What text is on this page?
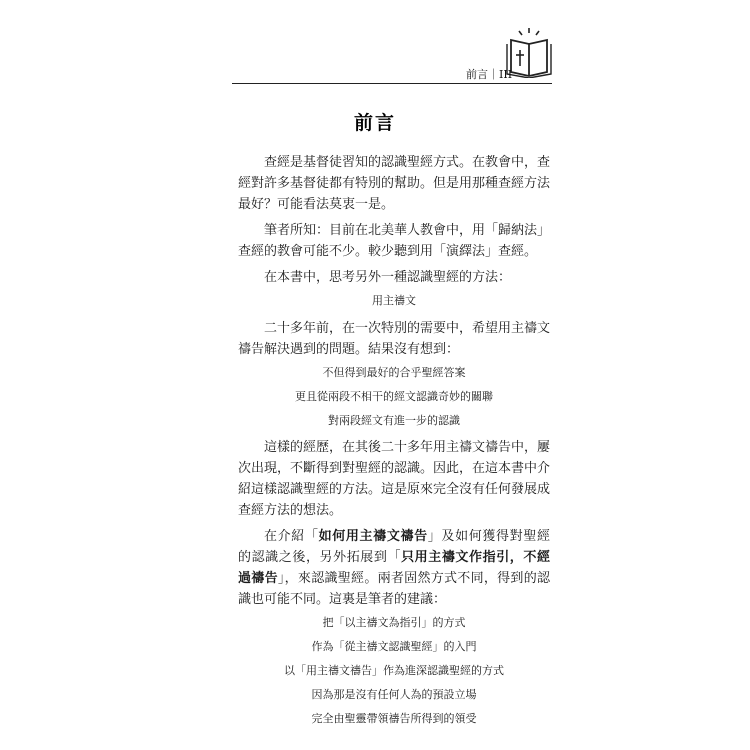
前言｜III
前言

查經是基督徒習知的認識聖經方式。在教會中，查經對許多基督徒都有特別的幫助。但是用那種查經方法最好？可能看法莫衷一是。

筆者所知：目前在北美華人教會中，用「歸納法」查經的教會可能不少。較少聽到用「演繹法」查經。

在本書中，思考另外一種認識聖經的方法：

用主禱文

二十多年前，在一次特別的需要中，希望用主禱文禱告解決遇到的問題。結果沒有想到：

不但得到最好的合乎聖經答案
更且從兩段不相干的經文認識奇妙的關聯
對兩段經文有進一步的認識

這樣的經歷，在其後二十多年用主禱文禱告中，屢次出現，不斷得到對聖經的認識。因此，在這本書中介紹這樣認識聖經的方法。這是原來完全沒有任何發展成查經方法的想法。

在介紹「如何用主禱文禱告」及如何獲得對聖經的認識之後，另外拓展到「只用主禱文作指引，不經過禱告」，來認識聖經。兩者固然方式不同，得到的認識也可能不同。這裏是筆者的建議：

把「以主禱文為指引」的方式
作為「從主禱文認識聖經」的入門
以「用主禱文禱告」作為進深認識聖經的方式
因為那是沒有任何人為的預設立場
完全由聖靈帶領禱告所得到的領受
